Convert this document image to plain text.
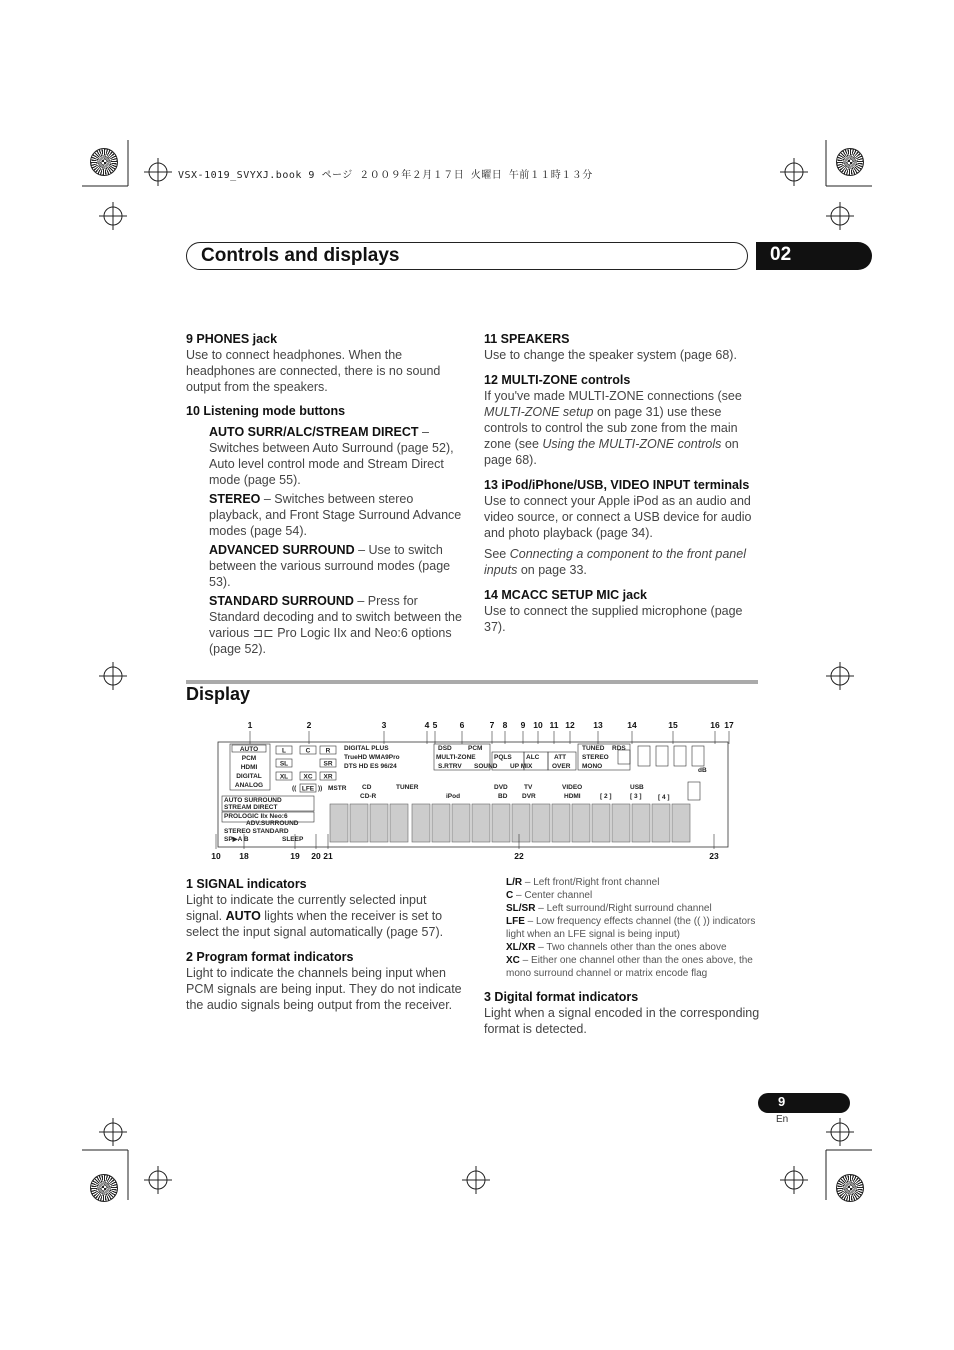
VSX-1019_SVYXJ.book 9 ページ ２００９年２月１７日 火曜日 午前１１時１３分
Controls and displays	02
9 PHONES jack

Use to connect headphones. When the headphones are connected, there is no sound output from the speakers.

10 Listening mode buttons

AUTO SURR/ALC/STREAM DIRECT – Switches between Auto Surround (page 52), Auto level control mode and Stream Direct mode (page 55).

STEREO – Switches between stereo playback, and Front Stage Surround Advance modes (page 54).

ADVANCED SURROUND – Use to switch between the various surround modes (page 53).

STANDARD SURROUND – Press for Standard decoding and to switch between the various ⊐⊏ Pro Logic IIx and Neo:6 options (page 52).

11 SPEAKERS

Use to change the speaker system (page 68).

12 MULTI-ZONE controls

If you've made MULTI-ZONE connections (see MULTI-ZONE setup on page 31) use these controls to control the sub zone from the main zone (see Using the MULTI-ZONE controls on page 68).

13 iPod/iPhone/USB, VIDEO INPUT terminals

Use to connect your Apple iPod as an audio and video source, or connect a USB device for audio and photo playback (page 34).

See Connecting a component to the front panel inputs on page 33.

14 MCACC SETUP MIC jack

Use to connect the supplied microphone (page 37).

Display
1	2	3	4 5	6	7 8 9 10 11 12 13	14	15	16 17
10 18	19 20 21	22	23
AUTO
PCM
HDMI
DIGITAL
ANALOG
L	C R
SL	SR
XL XC XR
LFE
((	))
DIGITAL PLUS
TrueHD WMA9Pro
DTS HD ES 96/24
DSD	PCM
MULTI-ZONE
S.RTRV SOUND
PQLS
UP MIX
ALC ATT
OVER
TUNED RDS
STEREO
MONO
MSTR
dB
CD
CD-R
TUNER
iPod
DVD
BD
TV
DVR
VIDEO
HDMI
USB
[ 2 ]	[ 3 ]	[ 4 ]
AUTO SURROUND
STREAM DIRECT
PROLOGIC IIx Neo:6
ADV.SURROUND
STEREO STANDARD
SP▶A B	SLEEP
1 SIGNAL indicators

Light to indicate the currently selected input signal. AUTO lights when the receiver is set to select the input signal automatically (page 57).

2 Program format indicators

Light to indicate the channels being input when PCM signals are being input. They do not indicate the audio signals being output from the receiver.

L/R – Left front/Right front channel
C – Center channel
SL/SR – Left surround/Right surround channel
LFE – Low frequency effects channel (the (( )) indicators light when an LFE signal is being input)
XL/XR – Two channels other than the ones above
XC – Either one channel other than the ones above, the mono surround channel or matrix encode flag
3 Digital format indicators

Light when a signal encoded in the corresponding format is detected.

9
En
